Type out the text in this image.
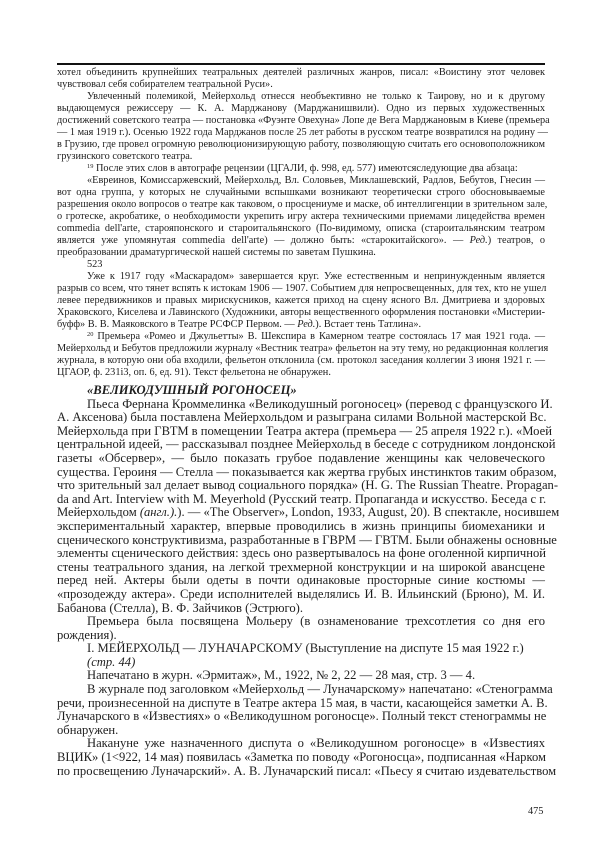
хотел объединить крупнейших театральных деятелей различных жанров, писал: «Воистину этот человек
чувствовал себя собирателем театральной Руси».
Увлеченный полемикой, Мейерхольд отнесся необъективно не только к Таирову, но и к другому
выдающемуся режиссеру — К. А. Марджанову (Марджанишвили). Одно из первых художественных
достижений советского театра — постановка «Фуэнте Овехуна» Лопе де Вега Марджановым в Киеве (премьера
— 1 мая 1919 г.). Осенью 1922 года Марджанов после 25 лет работы в русском театре возвратился на родину —
в Грузию, где провел огромную революционизирующую работу, позволяющую считать его основоположником
грузинского советского театра.
$^{19}$ После этих слов в автографе рецензии (ЦГАЛИ, ф. 998, ед. 577) имеютсяследующие два абзаца:
«Евреинов, Комиссаржевский, Мейерхольд, Вл. Соловьев, Миклашевский, Радлов, Бебутов, Гнесин —
вот одна группа, у которых не случайными вспышками возникают теоретически строго обосновываемые
разрешения около вопросов о театре как таковом, о просцениуме и маске, об интеллигенции в зрительном зале,
о гротеске, акробатике, о необходимости укрепить игру актера техническими приемами лицедейства времен
commedia dell'arte, старояпонского и староитальянского (По-видимому, описка (староитальянским театром
является уже упомянутая commedia dell'arte) — должно быть: «старокитайского». — Ред.) театров, о
преобразовании драматургической нашей системы по заветам Пушкина.
523
Уже к 1917 году «Маскарадом» завершается круг. Уже естественным и непринужденным является
разрыв со всем, что тянет вспять к истокам 1906 — 1907. Событием для непросвещенных, для тех, кто не ушел
левее передвижников и правых мирискусников, кажется приход на сцену ясного Вл. Дмитриева и здоровых
Храковского, Киселева и Лавинского (Художники, авторы вещественного оформления постановки «Мистерии-
буфф» В. В. Маяковского в Театре РСФСР Первом. — Ред.). Встает тень Татлина».
$^{20}$ Премьера «Ромео и Джульетты» В. Шекспира в Камерном театре состоялась 17 мая 1921 года. —
Мейерхольд и Бебутов предложили журналу «Вестник театра» фельетон на эту тему, но редакционная коллегия
журнала, в которую они оба входили, фельетон отклонила (см. протокол заседания коллегии 3 июня 1921 г. —
ЦГАОР, ф. 231і3, оп. 6, ед. 91). Текст фельетона не обнаружен.
«ВЕЛИКОДУШНЫЙ РОГОНОСЕЦ»
Пьеса Фернана Кроммелинка «Великодушный рогоносец» (перевод с французского И.
А. Аксенова) была поставлена Мейерхольдом и разыграна силами Вольной мастерской Вс.
Мейерхольда при ГВТМ в помещении Театра актера (премьера — 25 апреля 1922 г.). «Моей
центральной идеей, — рассказывал позднее Мейерхольд в беседе с сотрудником лондонской
газеты «Обсервер», — было показать грубое подавление женщины как человеческого
существа. Героиня — Стелла — показывается как жертва грубых инстинктов таким образом,
что зрительный зал делает вывод социального порядка» (H. G. The Russian Theatre. Propagan-
da and Art. Interview with M. Meyerhold (Русский театр. Пропаганда и искусство. Беседа с г.
Мейерхольдом (англ.).). — «The Observer», London, 1933, August, 20). В спектакле, носившем
экспериментальный характер, впервые проводились в жизнь принципы биомеханики и
сценического конструктивизма, разработанные в ГВРМ — ГВТМ. Были обнажены основные
элементы сценического действия: здесь оно развертывалось на фоне оголенной кирпичной
стены театрального здания, на легкой трехмерной конструкции и на широкой авансцене
перед ней. Актеры были одеты в почти одинаковые просторные синие костюмы —
«прозодежду актера». Среди исполнителей выделялись И. В. Ильинский (Брюно), М. И.
Бабанова (Стелла), В. Ф. Зайчиков (Эстрюго).
Премьера была посвящена Мольеру (в ознаменование трехсотлетия со дня его
рождения).
I. МЕЙЕРХОЛЬД — ЛУНАЧАРСКОМУ (Выступление на диспуте 15 мая 1922 г.)
(стр. 44)
Напечатано в журн. «Эрмитаж», М., 1922, № 2, 22 — 28 мая, стр. 3 — 4.
В журнале под заголовком «Мейерхольд — Луначарскому» напечатано: «Стенограмма
речи, произнесенной на диспуте в Театре актера 15 мая, в части, касающейся заметки А. В.
Луначарского в «Известиях» о «Великодушном рогоносце». Полный текст стенограммы не
обнаружен.
Накануне уже назначенного диспута о «Великодушном рогоносце» в «Известиях
ВЦИК» (1<922, 14 мая) появилась «Заметка по поводу «Рогоносца», подписанная «Нарком
по просвещению Луначарский». А. В. Луначарский писал: «Пьесу я считаю издевательством
475
